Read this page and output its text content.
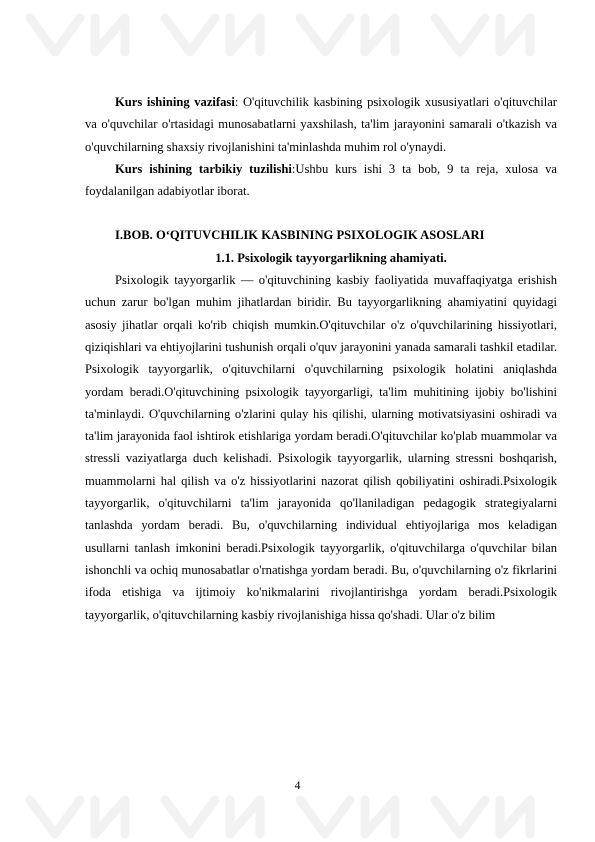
Kurs ishining vazifasi: O'qituvchilik kasbining psixologik xususiyatlari o'qituvchilar va o'quvchilar o'rtasidagi munosabatlarni yaxshilash, ta'lim jarayonini samarali o'tkazish va o'quvchilarning shaxsiy rivojlanishini ta'minlashda muhim rol o'ynaydi.

Kurs ishining tarbikiy tuzilishi:Ushbu kurs ishi 3 ta bob, 9 ta reja, xulosa va foydalanilgan adabiyotlar iborat.

I.BOB. O‘QITUVCHILIK KASBINING PSIXOLOGIK ASOSLARI

1.1. Psixologik tayyorgarlikning ahamiyati.

Psixologik tayyorgarlik — o'qituvchining kasbiy faoliyatida muvaffaqiyatga erishish uchun zarur bo'lgan muhim jihatlardan biridir. Bu tayyorgarlikning ahamiyatini quyidagi asosiy jihatlar orqali ko'rib chiqish mumkin.O'qituvchilar o'z o'quvchilarining hissiyotlari, qiziqishlari va ehtiyojlarini tushunish orqali o'quv jarayonini yanada samarali tashkil etadilar. Psixologik tayyorgarlik, o'qituvchilarni o'quvchilarning psixologik holatini aniqlashda yordam beradi.O'qituvchining psixologik tayyorgarligi, ta'lim muhitining ijobiy bo'lishini ta'minlaydi. O'quvchilarning o'zlarini qulay his qilishi, ularning motivatsiyasini oshiradi va ta'lim jarayonida faol ishtirok etishlariga yordam beradi.O'qituvchilar ko'plab muammolar va stressli vaziyatlarga duch kelishadi. Psixologik tayyorgarlik, ularning stressni boshqarish, muammolarni hal qilish va o'z hissiyotlarini nazorat qilish qobiliyatini oshiradi.Psixologik tayyorgarlik, o'qituvchilarni ta'lim jarayonida qo'llaniladigan pedagogik strategiyalarni tanlashda yordam beradi. Bu, o'quvchilarning individual ehtiyojlariga mos keladigan usullarni tanlash imkonini beradi.Psixologik tayyorgarlik, o'qituvchilarga o'quvchilar bilan ishonchli va ochiq munosabatlar o'rnatishga yordam beradi. Bu, o'quvchilarning o'z fikrlarini ifoda etishiga va ijtimoiy ko'nikmalarini rivojlantirishga yordam beradi.Psixologik tayyorgarlik, o'qituvchilarning kasbiy rivojlanishiga hissa qo'shadi. Ular o'z bilim

4
